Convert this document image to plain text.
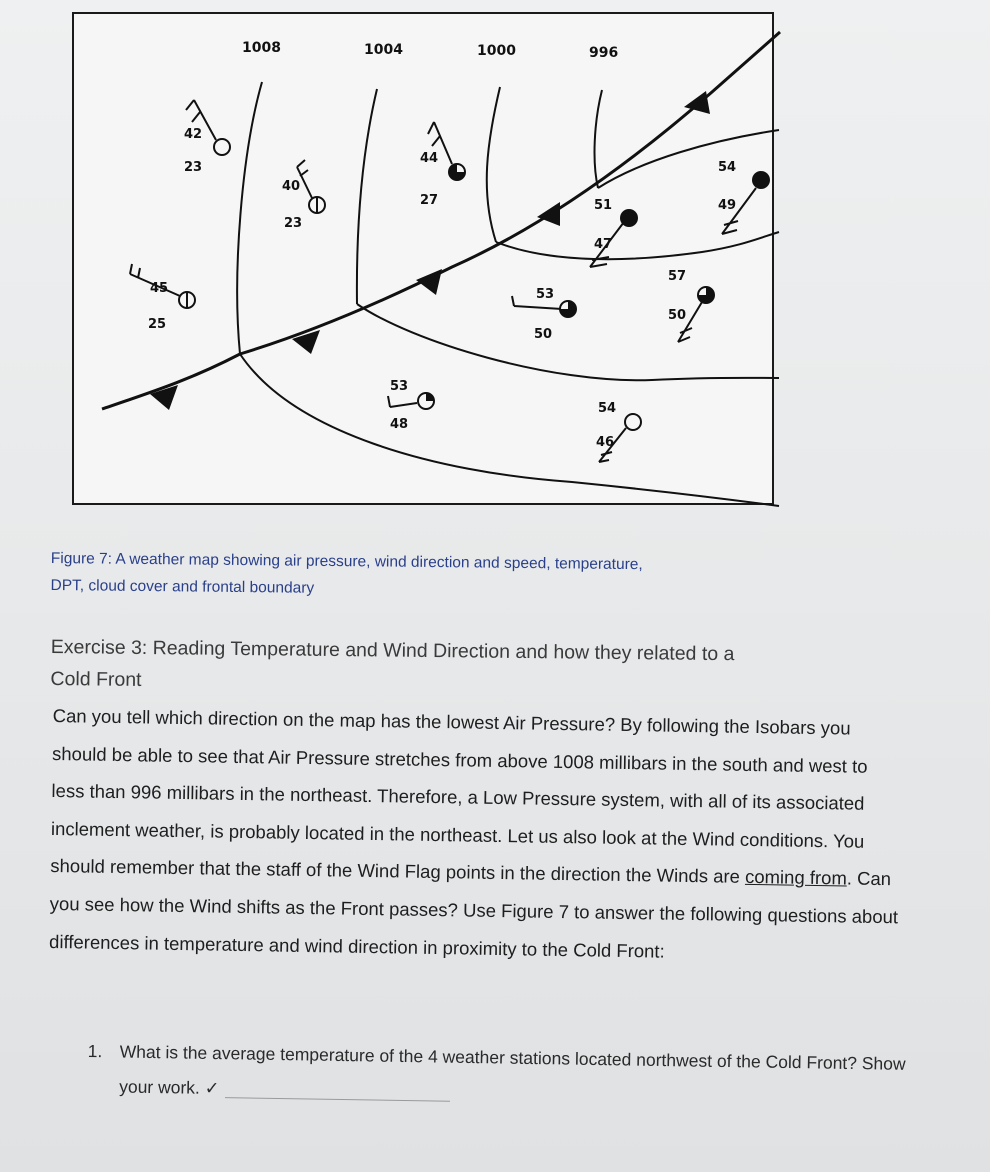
1008	1004	1000	996
42
23
40
23
44
27
45
25
51
47
54
49
53
50
57
50
53
48
54
46
Figure 7: A weather map showing air pressure, wind direction and speed, temperature,
DPT, cloud cover and frontal boundary
Exercise 3: Reading Temperature and Wind Direction and how they related to a
Cold Front
Can you tell which direction on the map has the lowest Air Pressure? By following the Isobars you should be able to see that Air Pressure stretches from above 1008 millibars in the south and west to less than 996 millibars in the northeast. Therefore, a Low Pressure system, with all of its associated inclement weather, is probably located in the northeast. Let us also look at the Wind conditions. You should remember that the staff of the Wind Flag points in the direction the Winds are coming from. Can you see how the Wind shifts as the Front passes? Use Figure 7 to answer the following questions about differences in temperature and wind direction in proximity to the Cold Front:
1. What is the average temperature of the 4 weather stations located northwest of the Cold Front? Show your work. ✓
